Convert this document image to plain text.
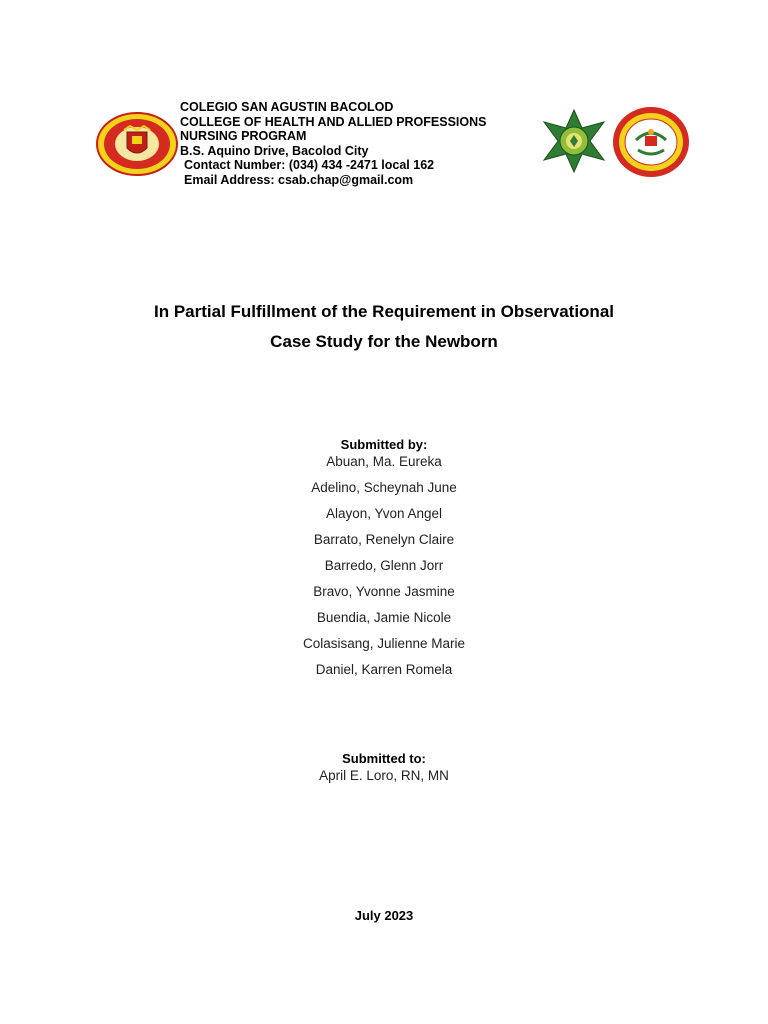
COLEGIO SAN AGUSTIN BACOLOD
COLLEGE OF HEALTH AND ALLIED PROFESSIONS
NURSING PROGRAM
B.S. Aquino Drive, Bacolod City
Contact Number: (034) 434 -2471 local 162
Email Address: csab.chap@gmail.com
In Partial Fulfillment of the Requirement in Observational
Case Study for the Newborn
Submitted by:
Abuan, Ma. Eureka
Adelino, Scheynah June
Alayon, Yvon Angel
Barrato, Renelyn Claire
Barredo, Glenn Jorr
Bravo, Yvonne Jasmine
Buendia, Jamie Nicole
Colasisang, Julienne Marie
Daniel, Karren Romela
Submitted to:
April E. Loro, RN, MN
July 2023
